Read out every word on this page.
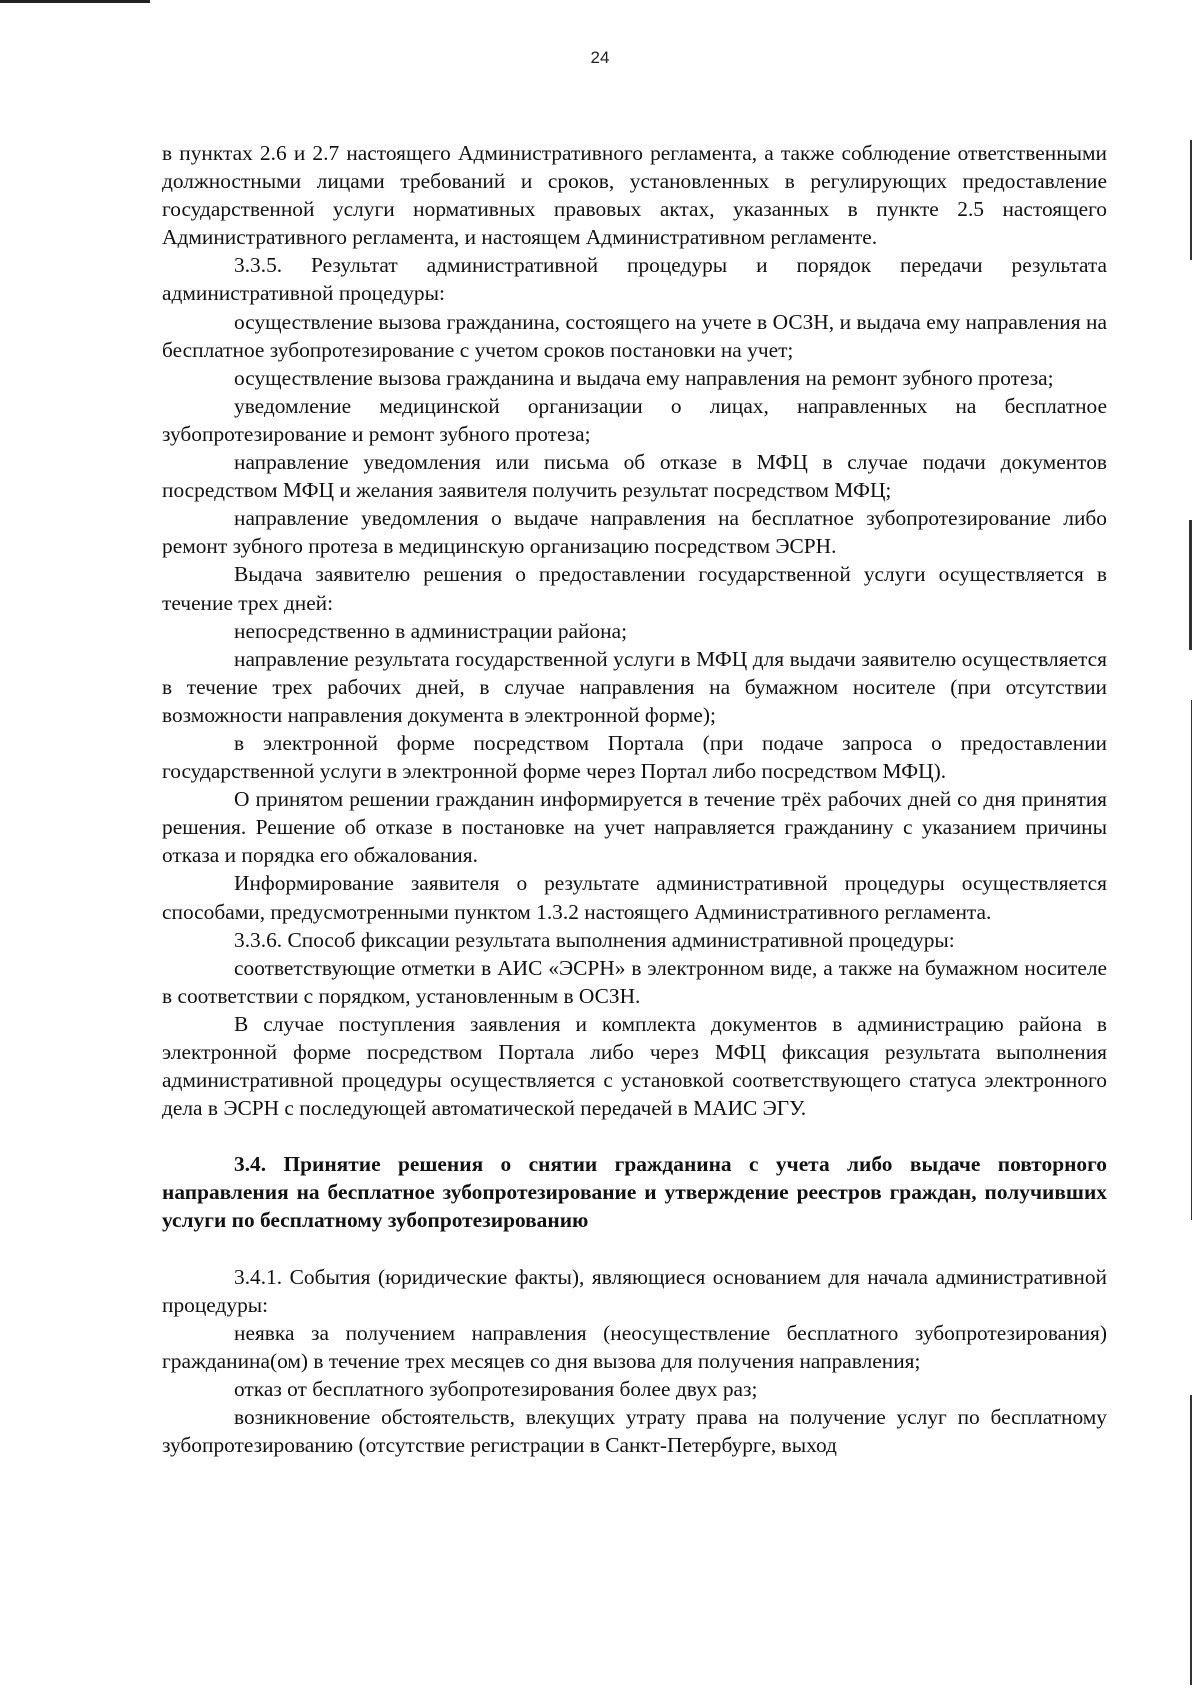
24

в пунктах 2.6 и 2.7 настоящего Административного регламента, а также соблюдение ответственными должностными лицами требований и сроков, установленных в регулирующих предоставление государственной услуги нормативных правовых актах, указанных в пункте 2.5 настоящего Административного регламента, и настоящем Административном регламенте.

3.3.5. Результат административной процедуры и порядок передачи результата административной процедуры:

осуществление вызова гражданина, состоящего на учете в ОСЗН, и выдача ему направления на бесплатное зубопротезирование с учетом сроков постановки на учет;

осуществление вызова гражданина и выдача ему направления на ремонт зубного протеза;

уведомление медицинской организации о лицах, направленных на бесплатное зубопротезирование и ремонт зубного протеза;

направление уведомления или письма об отказе в МФЦ в случае подачи документов посредством МФЦ и желания заявителя получить результат посредством МФЦ;

направление уведомления о выдаче направления на бесплатное зубопротезирование либо ремонт зубного протеза в медицинскую организацию посредством ЭСРН.

Выдача заявителю решения о предоставлении государственной услуги осуществляется в течение трех дней:

непосредственно в администрации района;

направление результата государственной услуги в МФЦ для выдачи заявителю осуществляется в течение трех рабочих дней, в случае направления на бумажном носителе (при отсутствии возможности направления документа в электронной форме);

в электронной форме посредством Портала (при подаче запроса о предоставлении государственной услуги в электронной форме через Портал либо посредством МФЦ).

О принятом решении гражданин информируется в течение трёх рабочих дней со дня принятия решения. Решение об отказе в постановке на учет направляется гражданину с указанием причины отказа и порядка его обжалования.

Информирование заявителя о результате административной процедуры осуществляется способами, предусмотренными пунктом 1.3.2 настоящего Административного регламента.

3.3.6. Способ фиксации результата выполнения административной процедуры:

соответствующие отметки в АИС «ЭСРН» в электронном виде, а также на бумажном носителе в соответствии с порядком, установленным в ОСЗН.

В случае поступления заявления и комплекта документов в администрацию района в электронной форме посредством Портала либо через МФЦ фиксация результата выполнения административной процедуры осуществляется с установкой соответствующего статуса электронного дела в ЭСРН с последующей автоматической передачей в МАИС ЭГУ.

3.4. Принятие решения о снятии гражданина с учета либо выдаче повторного направления на бесплатное зубопротезирование и утверждение реестров граждан, получивших услуги по бесплатному зубопротезированию

3.4.1. События (юридические факты), являющиеся основанием для начала административной процедуры:

неявка за получением направления (неосуществление бесплатного зубопротезирования) гражданина(ом) в течение трех месяцев со дня вызова для получения направления;

отказ от бесплатного зубопротезирования более двух раз;

возникновение обстоятельств, влекущих утрату права на получение услуг по бесплатному зубопротезированию (отсутствие регистрации в Санкт-Петербурге, выход
